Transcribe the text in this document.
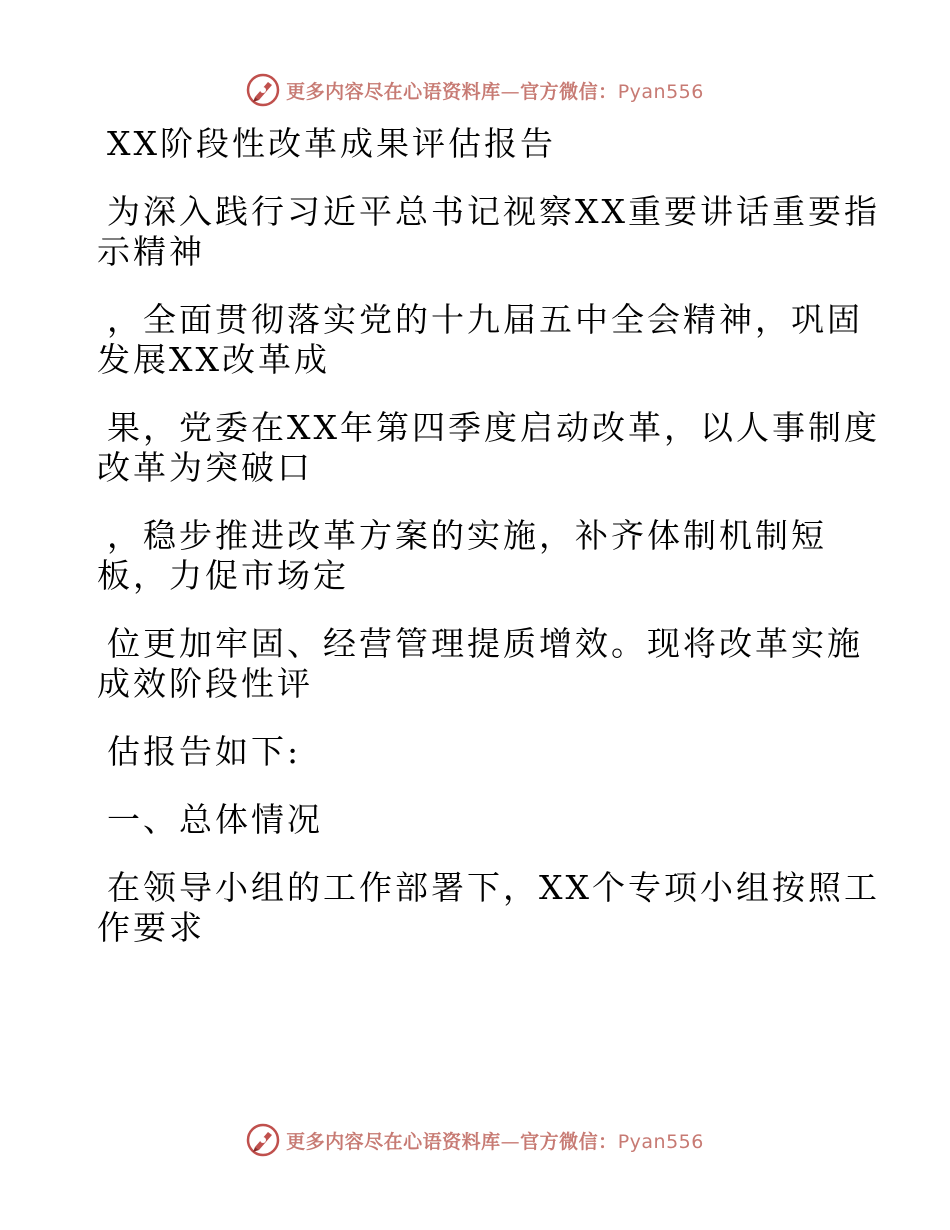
更多内容尽在心语资料库—官方微信：Pyan556
XX阶段性改革成果评估报告
为深入践行习近平总书记视察XX重要讲话重要指
示精神
，全面贯彻落实党的十九届五中全会精神，巩固
发展XX改革成
果，党委在XX年第四季度启动改革，以人事制度
改革为突破口
，稳步推进改革方案的实施，补齐体制机制短
板，力促市场定
位更加牢固、经营管理提质增效。现将改革实施
成效阶段性评
估报告如下:
一、总体情况
在领导小组的工作部署下，XX个专项小组按照工
作要求
更多内容尽在心语资料库—官方微信：Pyan556
